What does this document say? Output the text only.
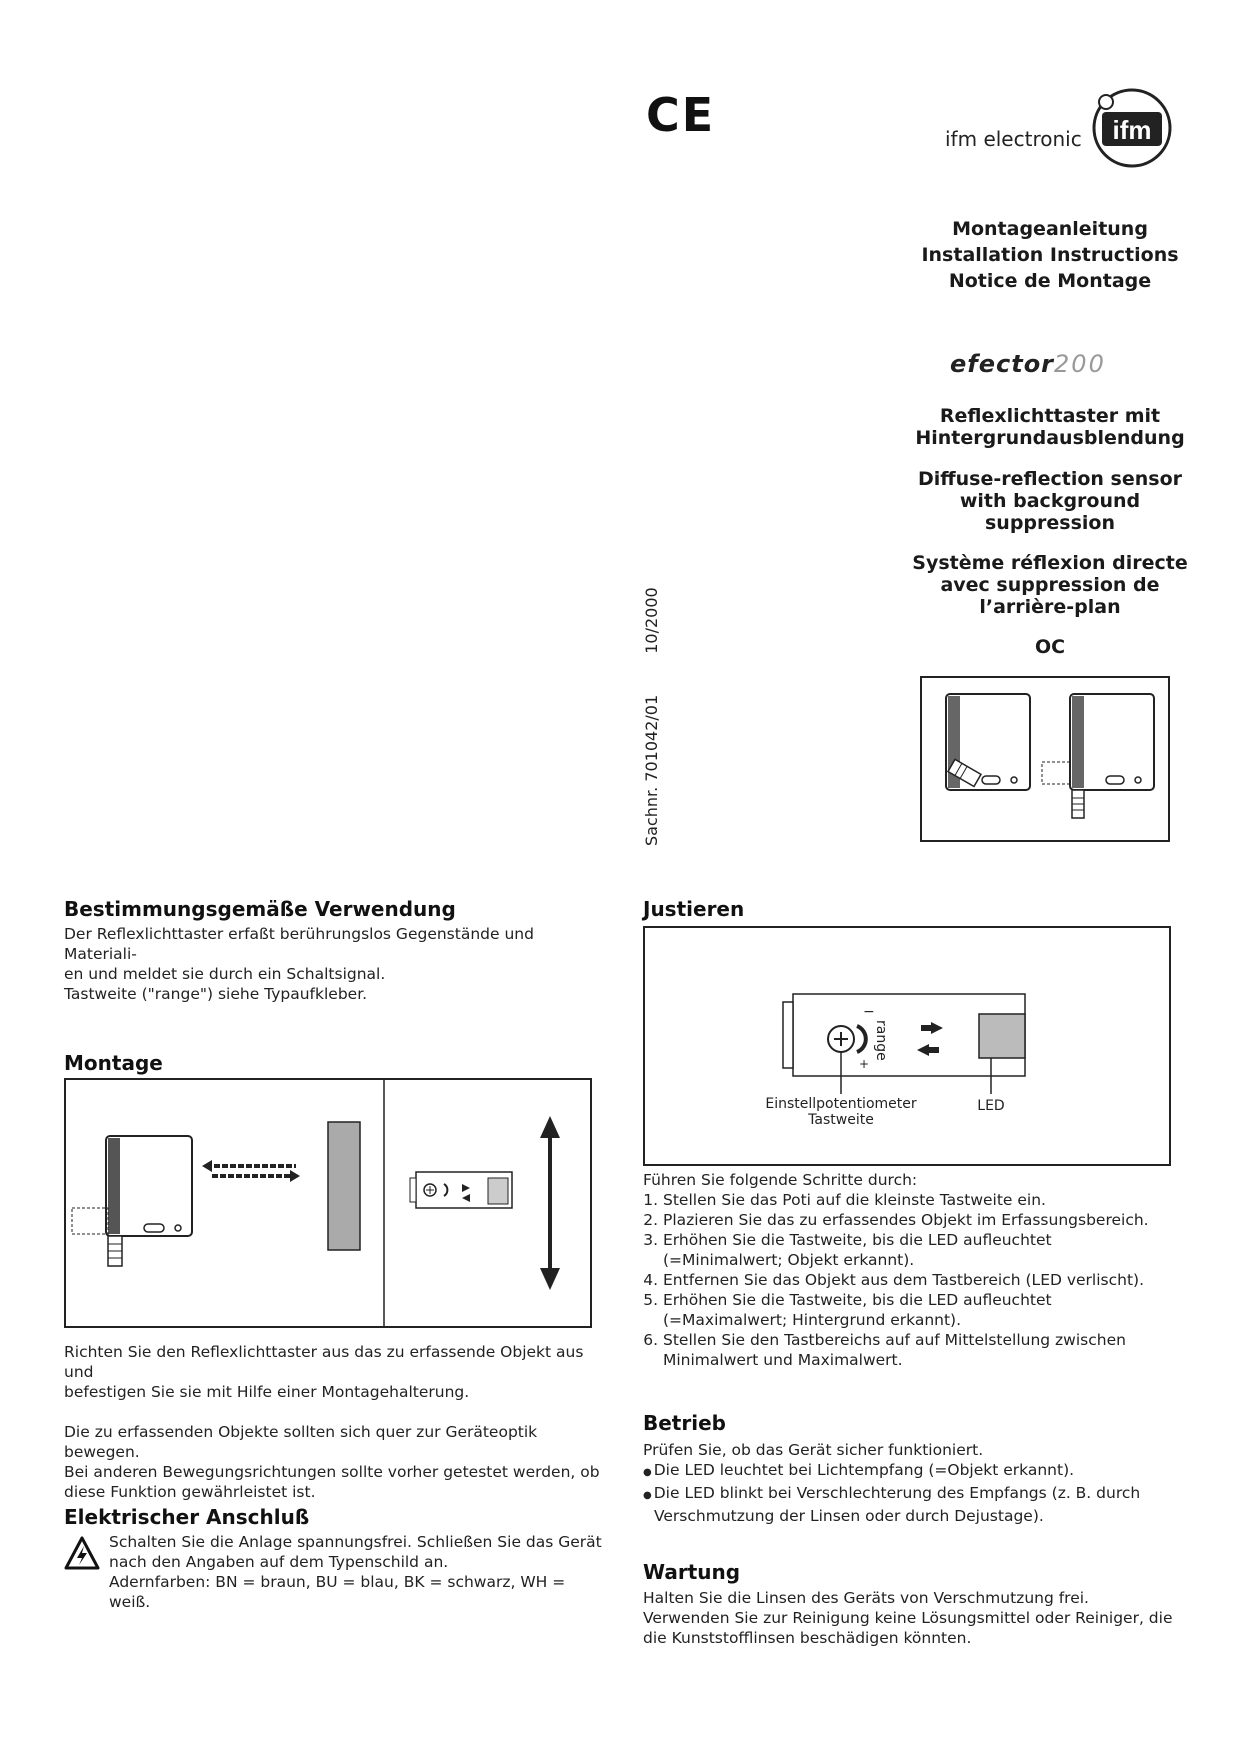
CE	ifm electronic ifm
Montageanleitung
Installation Instructions
Notice de Montage
efector200
Reflexlichttaster mit
Hintergrundausblendung
Diffuse-reflection sensor
with background
suppression
Système réflexion directe
avec suppression de
l’arrière-plan
OC
Sachnr. 701042/01 10/2000
Bestimmungsgemäße Verwendung

Der Reflexlichttaster erfaßt berührungslos Gegenstände und Materiali-

en und meldet sie durch ein Schaltsignal.

Tastweite ("range") siehe Typaufkleber.

Montage

Richten Sie den Reflexlichttaster aus das zu erfassende Objekt aus und

befestigen Sie sie mit Hilfe einer Montagehalterung.

Die zu erfassenden Objekte sollten sich quer zur Geräteoptik bewegen.

Bei anderen Bewegungsrichtungen sollte vorher getestet werden, ob

diese Funktion gewährleistet ist.

Elektrischer Anschluß

Schalten Sie die Anlage spannungsfrei. Schließen Sie das Gerät

nach den Angaben auf dem Typenschild an.

Adernfarben: BN = braun, BU = blau, BK = schwarz, WH = weiß.

Justieren
−
+
range
Einstellpotentiometer
Tastweite
LED

Führen Sie folgende Schritte durch:

1. Stellen Sie das Poti auf die kleinste Tastweite ein.
2. Plazieren Sie das zu erfassendes Objekt im Erfassungsbereich.
3. Erhöhen Sie die Tastweite, bis die LED aufleuchtet (=Minimalwert; Objekt erkannt).
4. Entfernen Sie das Objekt aus dem Tastbereich (LED verlischt).
5. Erhöhen Sie die Tastweite, bis die LED aufleuchtet (=Maximalwert; Hintergrund erkannt).
6. Stellen Sie den Tastbereichs auf auf Mittelstellung zwischen Minimalwert und Maximalwert.
Betrieb

Prüfen Sie, ob das Gerät sicher funktioniert.

● Die LED leuchtet bei Lichtempfang (=Objekt erkannt).
● Die LED blinkt bei Verschlechterung des Empfangs (z. B. durch Verschmutzung der Linsen oder durch Dejustage).
Wartung

Halten Sie die Linsen des Geräts von Verschmutzung frei.

Verwenden Sie zur Reinigung keine Lösungsmittel oder Reiniger, die

die Kunststofflinsen beschädigen könnten.
